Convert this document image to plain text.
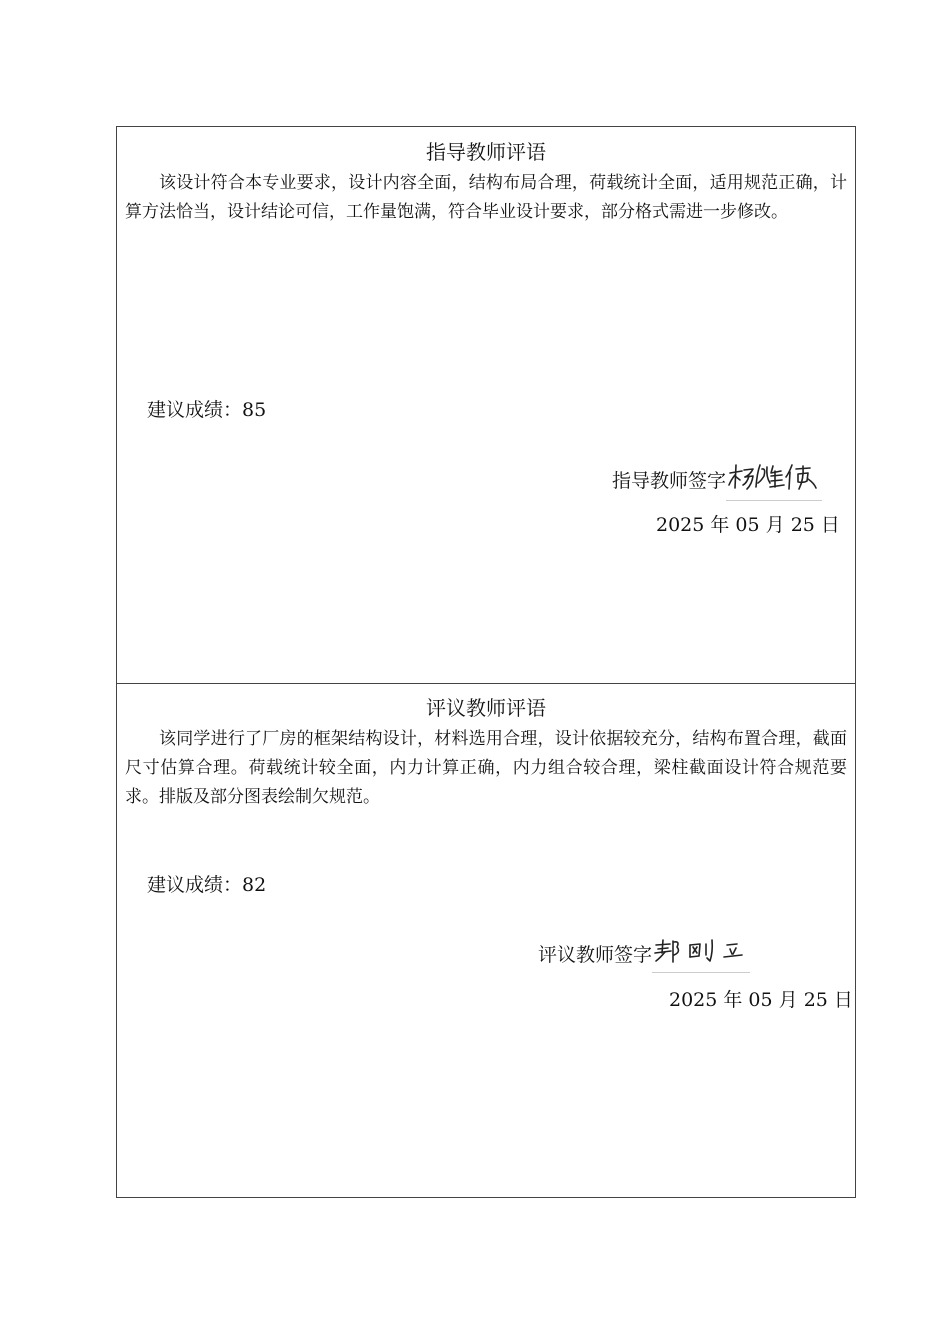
指导教师评语

该设计符合本专业要求，设计内容全面，结构布局合理，荷载统计全面，适用规范正确，计算方法恰当，设计结论可信，工作量饱满，符合毕业设计要求，部分格式需进一步修改。

建议成绩：85
指导教师签字
2025 年 05 月 25 日
评议教师评语

该同学进行了厂房的框架结构设计，材料选用合理，设计依据较充分，结构布置合理，截面尺寸估算合理。荷载统计较全面，内力计算正确，内力组合较合理，梁柱截面设计符合规范要求。排版及部分图表绘制欠规范。

建议成绩：82
评议教师签字
2025 年 05 月 25 日
